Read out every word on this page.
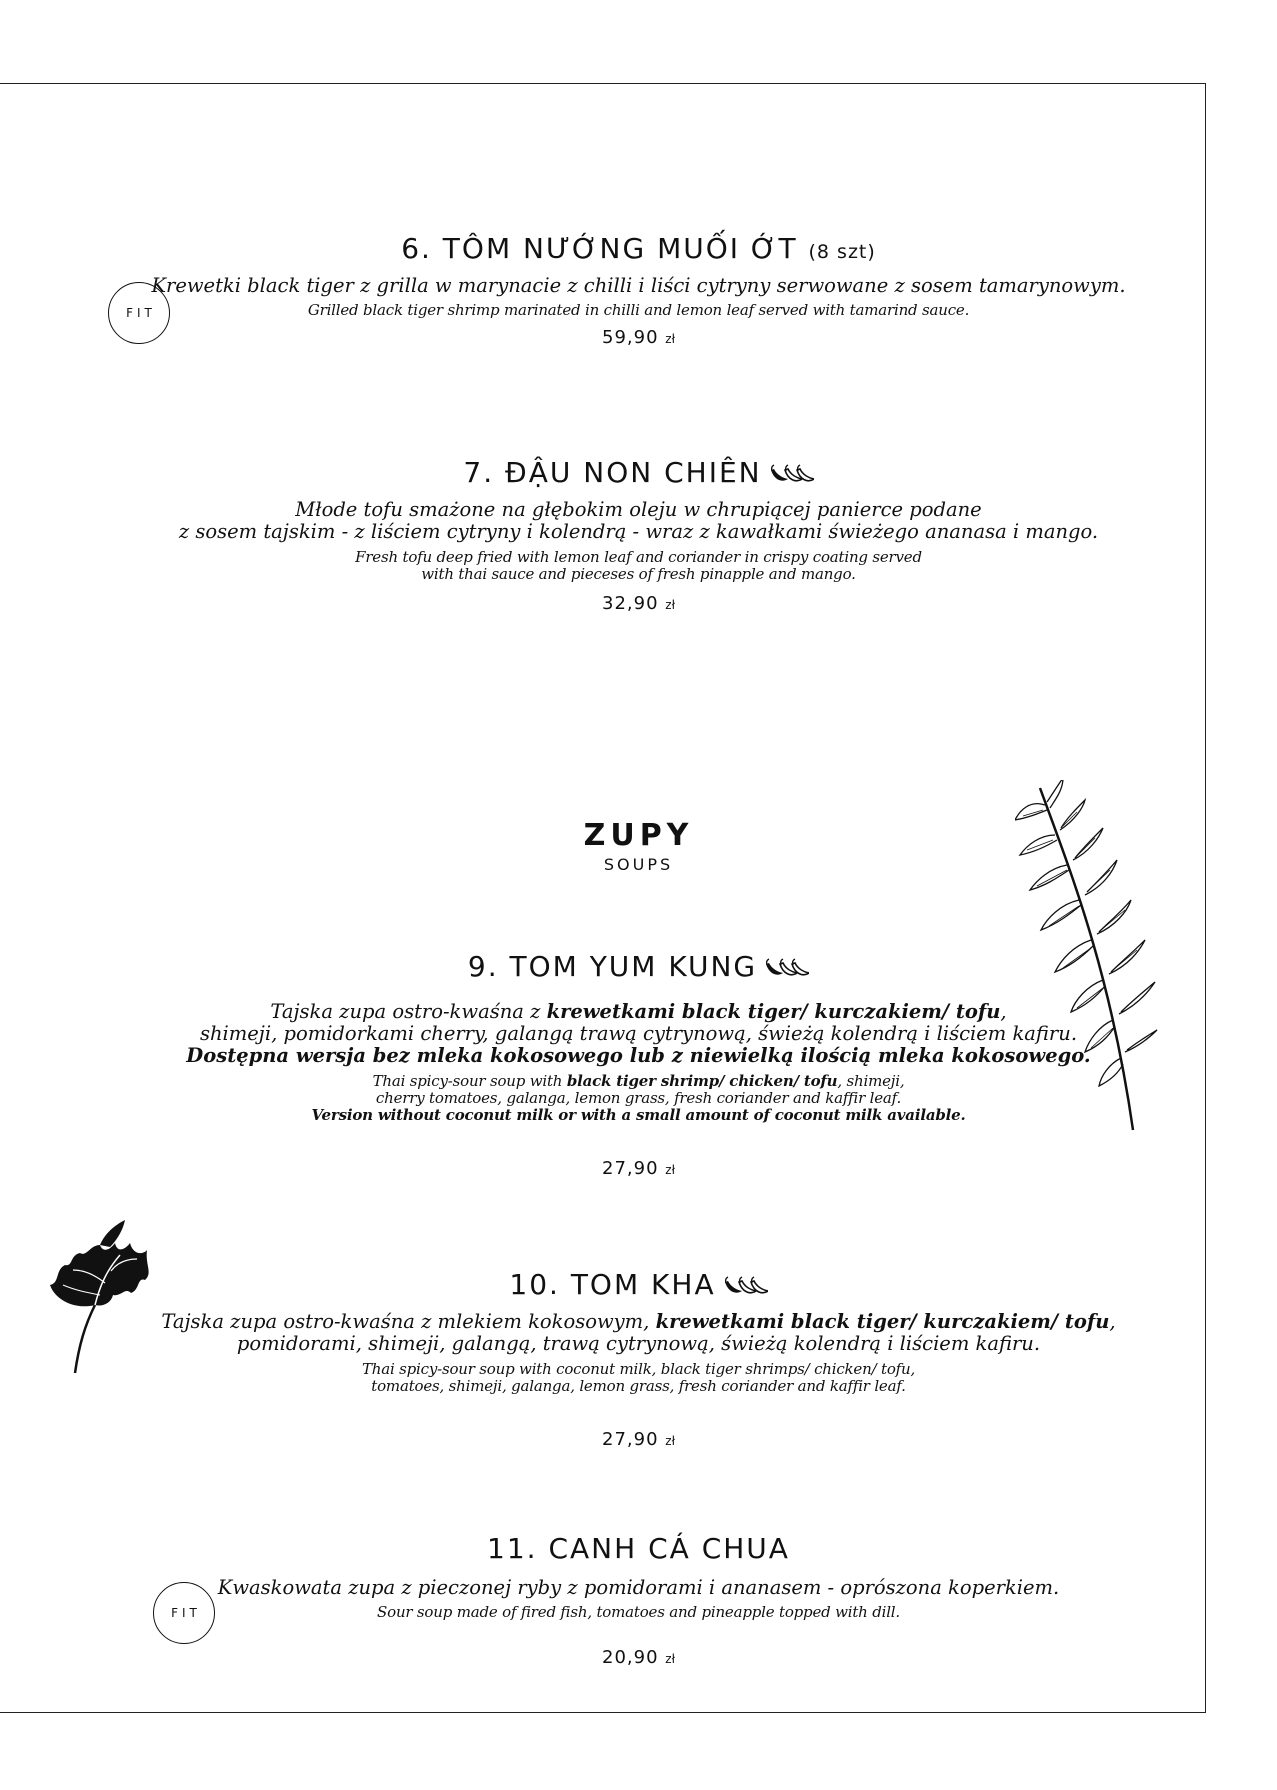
6. TÔM NƯỚNG MUỐI ỚT (8 szt)
Krewetki black tiger z grilla w marynacie z chilli i liści cytryny serwowane z sosem tamarynowym.
Grilled black tiger shrimp marinated in chilli and lemon leaf served with tamarind sauce.
59,90 zł
FIT
7. ĐẬU NON CHIÊN
Młode tofu smażone na głębokim oleju w chrupiącej panierce podane
z sosem tajskim - z liściem cytryny i kolendrą - wraz z kawałkami świeżego ananasa i mango.
Fresh tofu deep fried with lemon leaf and coriander in crispy coating served
with thai sauce and pieceses of fresh pinapple and mango.
32,90 zł
ZUPY
SOUPS
9. TOM YUM KUNG
Tajska zupa ostro-kwaśna z krewetkami black tiger/ kurczakiem/ tofu,
shimeji, pomidorkami cherry, galangą trawą cytrynową, świeżą kolendrą i liściem kafiru.
Dostępna wersja bez mleka kokosowego lub z niewielką ilością mleka kokosowego.
Thai spicy-sour soup with black tiger shrimp/ chicken/ tofu, shimeji,
cherry tomatoes, galanga, lemon grass, fresh coriander and kaffir leaf.
Version without coconut milk or with a small amount of coconut milk available.
27,90 zł
10. TOM KHA
Tajska zupa ostro-kwaśna z mlekiem kokosowym, krewetkami black tiger/ kurczakiem/ tofu,
pomidorami, shimeji, galangą, trawą cytrynową, świeżą kolendrą i liściem kafiru.
Thai spicy-sour soup with coconut milk, black tiger shrimps/ chicken/ tofu,
tomatoes, shimeji, galanga, lemon grass, fresh coriander and kaffir leaf.
27,90 zł
11. CANH CÁ CHUA
Kwaskowata zupa z pieczonej ryby z pomidorami i ananasem - oprószona koperkiem.
Sour soup made of fired fish, tomatoes and pineapple topped with dill.
20,90 zł
FIT
